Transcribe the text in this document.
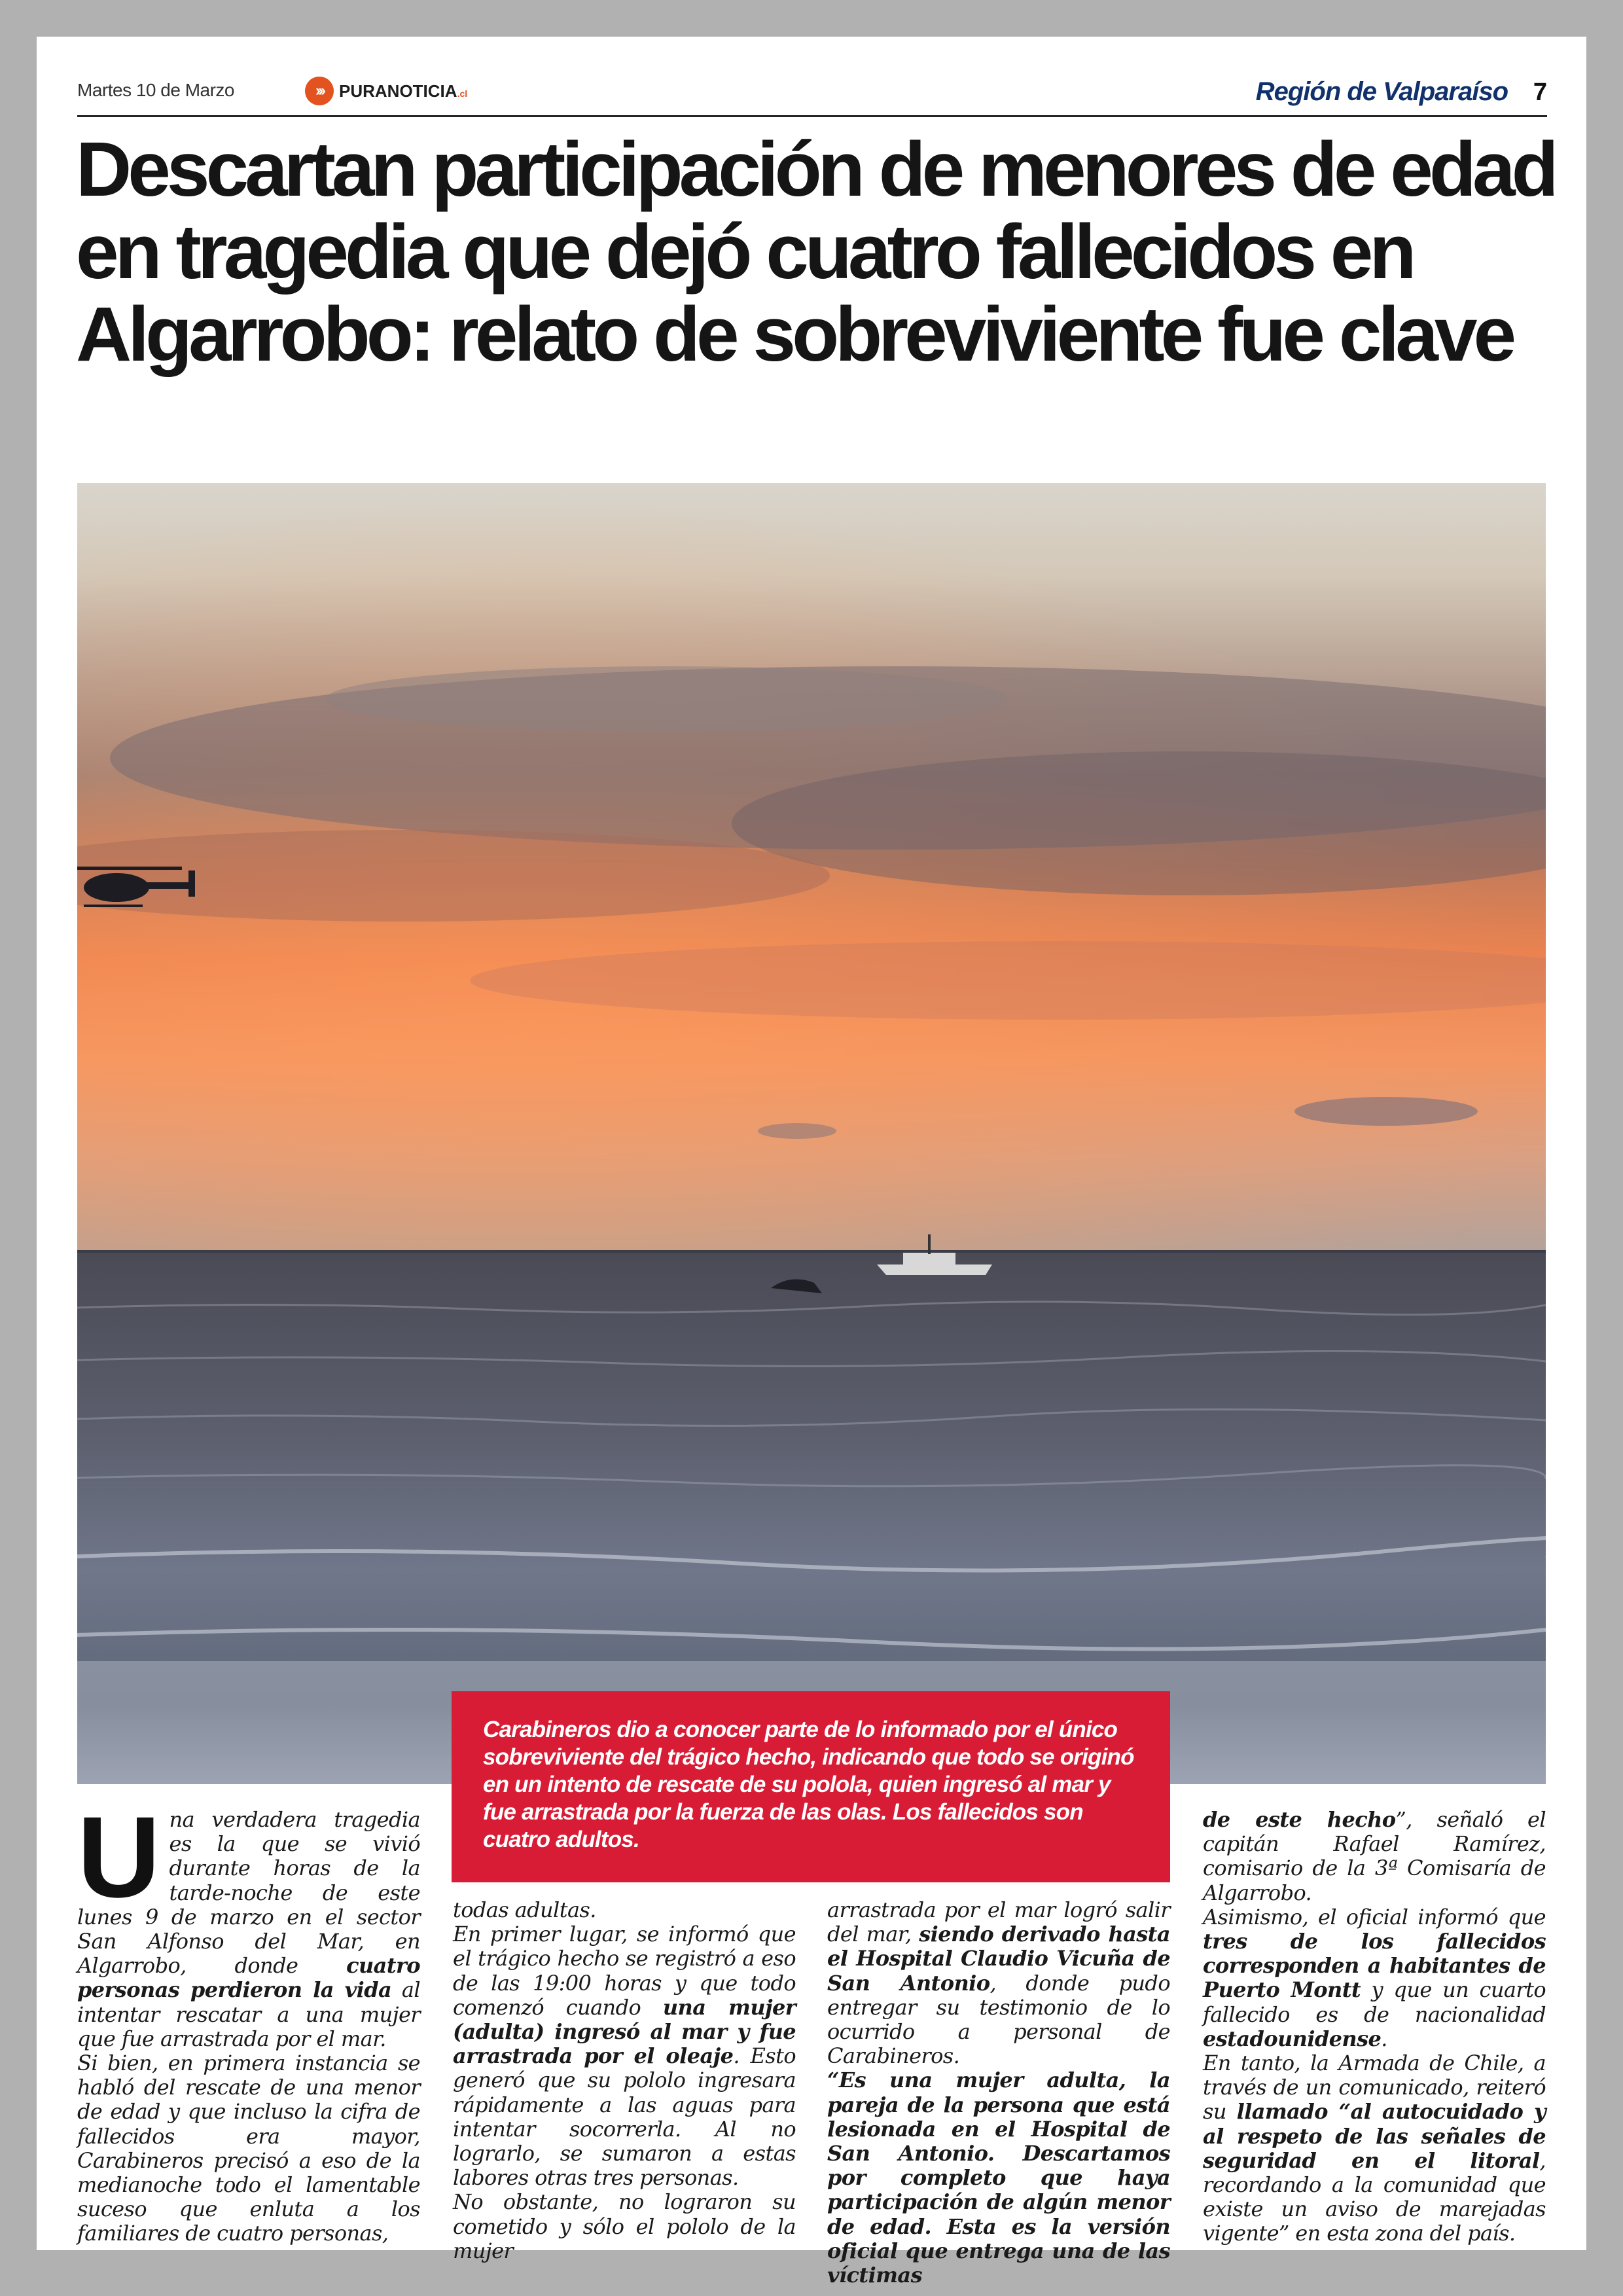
Martes 10 de Marzo	››› PURANOTICIA.cl	Región de Valparaíso 7
Descartan participación de menores de edad en tragedia que dejó cuatro fallecidos en Algarrobo: relato de sobreviviente fue clave
Carabineros dio a conocer parte de lo informado por el único sobreviviente del trágico hecho, indicando que todo se originó en un intento de rescate de su polola, quien ingresó al mar y fue arrastrada por la fuerza de las olas. Los fallecidos son cuatro adultos.

Una verdadera tragedia es la que se vivió durante horas de la tarde-noche de este lunes 9 de marzo en el sector San Alfonso del Mar, en Algarrobo, donde cuatro personas perdieron la vida al intentar rescatar a una mujer que fue arrastrada por el mar.

Si bien, en primera instancia se habló del rescate de una menor de edad y que incluso la cifra de fallecidos era mayor, Carabineros precisó a eso de la medianoche todo el lamentable suceso que enluta a los familiares de cuatro personas,

todas adultas.

En primer lugar, se informó que el trágico hecho se registró a eso de las 19:00 horas y que todo comenzó cuando una mujer (adulta) ingresó al mar y fue arrastrada por el oleaje. Esto generó que su pololo ingresara rápidamente a las aguas para intentar socorrerla. Al no lograrlo, se sumaron a estas labores otras tres personas.

No obstante, no lograron su cometido y sólo el pololo de la mujer

arrastrada por el mar logró salir del mar, siendo derivado hasta el Hospital Claudio Vicuña de San Antonio, donde pudo entregar su testimonio de lo ocurrido a personal de Carabineros.

“Es una mujer adulta, la pareja de la persona que está lesionada en el Hospital de San Antonio. Descartamos por completo que haya participación de algún menor de edad. Esta es la versión oficial que entrega una de las víctimas

de este hecho”, señaló el capitán Rafael Ramírez, comisario de la 3ª Comisaría de Algarrobo.

Asimismo, el oficial informó que tres de los fallecidos corresponden a habitantes de Puerto Montt y que un cuarto fallecido es de nacionalidad estadounidense.

En tanto, la Armada de Chile, a través de un comunicado, reiteró su llamado “al autocuidado y al respeto de las señales de seguridad en el litoral, recordando a la comunidad que existe un aviso de marejadas vigente” en esta zona del país.
